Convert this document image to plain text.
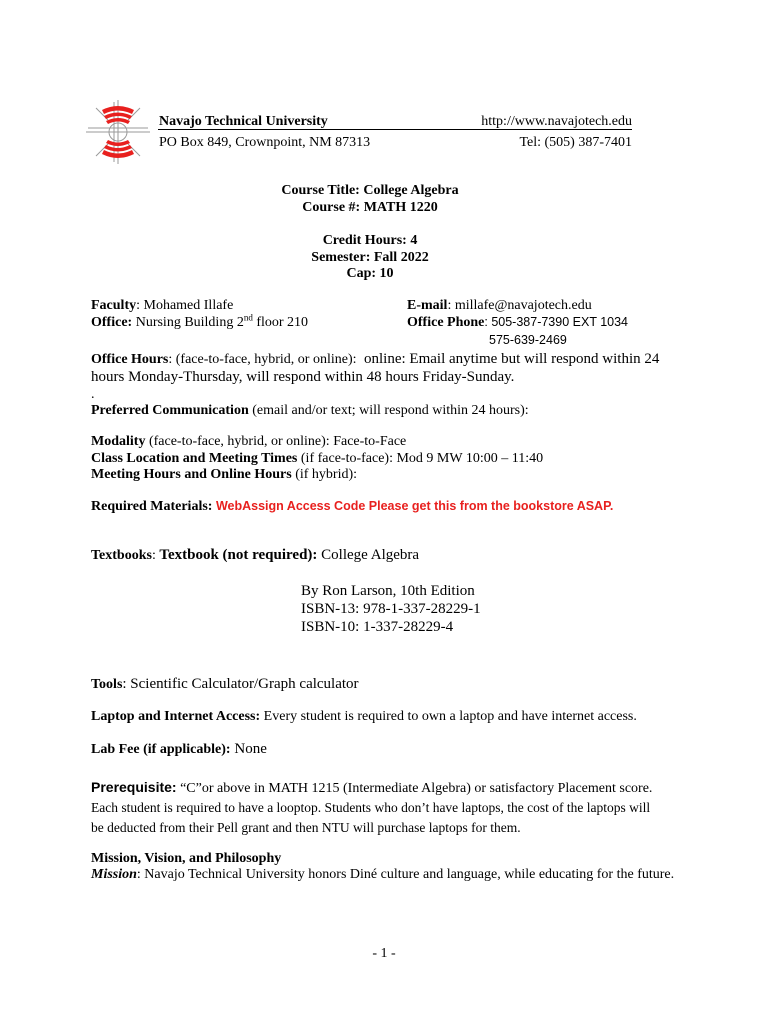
Navajo Technical University	http://www.navajotech.edu
PO Box 849, Crownpoint, NM 87313	Tel: (505) 387-7401
Course Title: College Algebra
Course #: MATH 1220
Credit Hours: 4
Semester: Fall 2022
Cap: 10
Faculty: Mohamed Illafe
Office: Nursing Building 2nd floor 210
E-mail: millafe@navajotech.edu
Office Phone: 505-387-7390 EXT 1034
575-639-2469
Office Hours: (face-to-face, hybrid, or online): online: Email anytime but will respond within 24
hours Monday-Thursday, will respond within 48 hours Friday-Sunday.
.
Preferred Communication (email and/or text; will respond within 24 hours):
Modality (face-to-face, hybrid, or online): Face-to-Face
Class Location and Meeting Times (if face-to-face): Mod 9 MW 10:00 – 11:40
Meeting Hours and Online Hours (if hybrid):
Required Materials: WebAssign Access Code Please get this from the bookstore ASAP.
Textbooks: Textbook (not required): College Algebra
By Ron Larson, 10th Edition
ISBN-13: 978-1-337-28229-1
ISBN-10: 1-337-28229-4
Tools: Scientific Calculator/Graph calculator
Laptop and Internet Access: Every student is required to own a laptop and have internet access.
Lab Fee (if applicable): None
Prerequisite: “C”or above in MATH 1215 (Intermediate Algebra) or satisfactory Placement score.
Each student is required to have a looptop. Students who don’t have laptops, the cost of the laptops will
be deducted from their Pell grant and then NTU will purchase laptops for them.
Mission, Vision, and Philosophy
Mission: Navajo Technical University honors Diné culture and language, while educating for the future.
- 1 -
